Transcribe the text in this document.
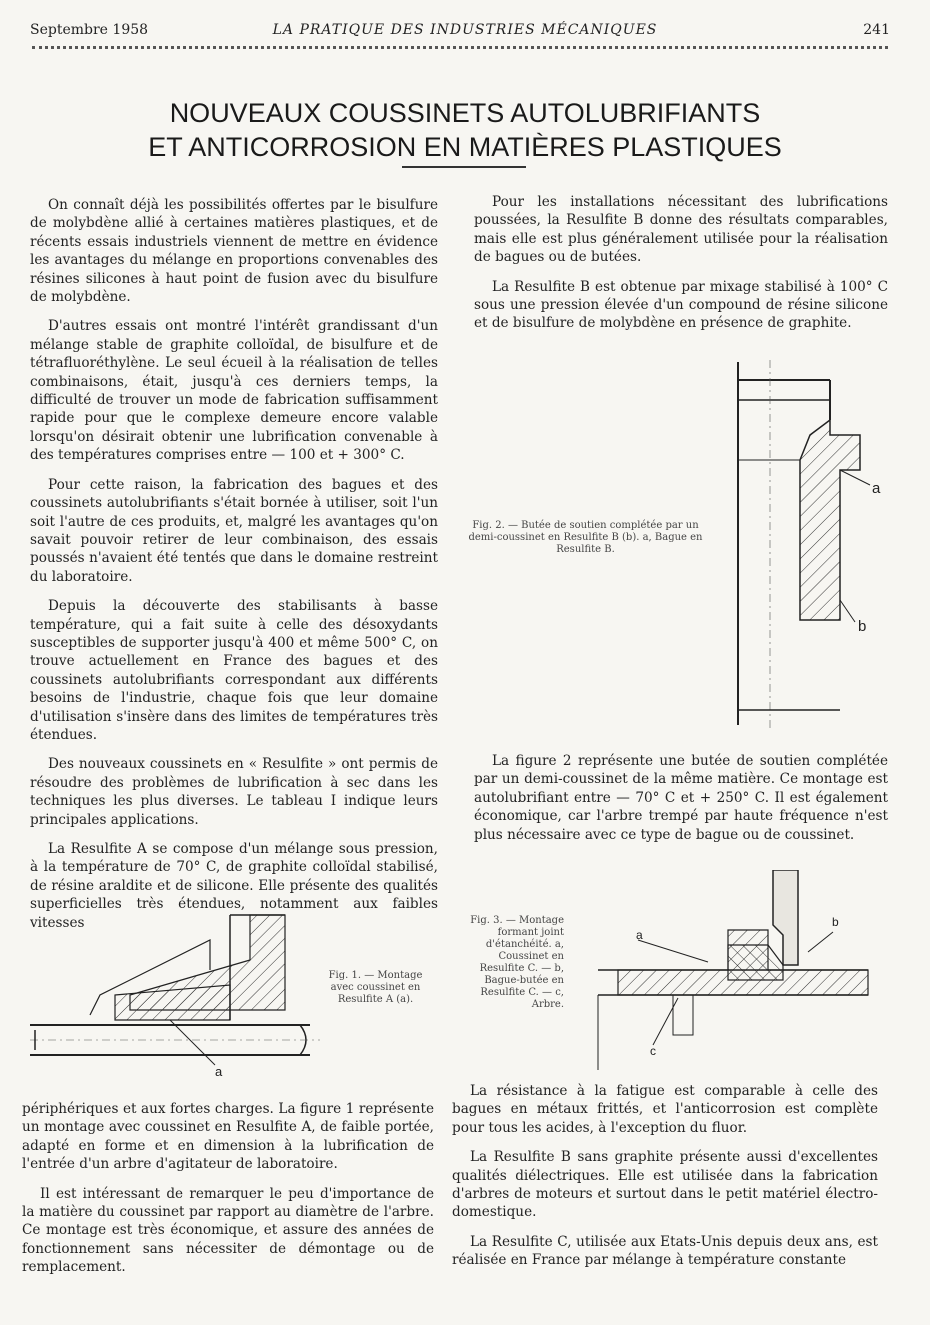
Septembre 1958	LA PRATIQUE DES INDUSTRIES MÉCANIQUES	241
NOUVEAUX COUSSINETS AUTOLUBRIFIANTS
ET ANTICORROSION EN MATIÈRES PLASTIQUES

On connaît déjà les possibilités offertes par le bisulfure de molybdène allié à certaines matières plastiques, et de récents essais industriels viennent de mettre en évidence les avantages du mélange en proportions convenables des résines silicones à haut point de fusion avec du bisulfure de molybdène.

D'autres essais ont montré l'intérêt grandissant d'un mélange stable de graphite colloïdal, de bisulfure et de tétrafluoréthylène. Le seul écueil à la réalisation de telles combinaisons, était, jusqu'à ces derniers temps, la difficulté de trouver un mode de fabrication suffisamment rapide pour que le complexe demeure encore valable lorsqu'on désirait obtenir une lubrification convenable à des températures comprises entre — 100 et + 300° C.

Pour cette raison, la fabrication des bagues et des coussinets autolubrifiants s'était bornée à utiliser, soit l'un soit l'autre de ces produits, et, malgré les avantages qu'on savait pouvoir retirer de leur combinaison, des essais poussés n'avaient été tentés que dans le domaine restreint du laboratoire.

Depuis la découverte des stabilisants à basse température, qui a fait suite à celle des désoxydants susceptibles de supporter jusqu'à 400 et même 500° C, on trouve actuellement en France des bagues et des coussinets autolubrifiants correspondant aux différents besoins de l'industrie, chaque fois que leur domaine d'utilisation s'insère dans des limites de températures très étendues.

Des nouveaux coussinets en « Resulfite » ont permis de résoudre des problèmes de lubrification à sec dans les techniques les plus diverses. Le tableau I indique leurs principales applications.

La Resulfite A se compose d'un mélange sous pression, à la température de 70° C, de graphite colloïdal stabilisé, de résine araldite et de silicone. Elle présente des qualités superficielles très étendues, notamment aux faibles vitesses

Pour les installations nécessitant des lubrifications poussées, la Resulfite B donne des résultats comparables, mais elle est plus généralement utilisée pour la réalisation de bagues ou de butées.

La Resulfite B est obtenue par mixage stabilisé à 100° C sous une pression élevée d'un compound de résine silicone et de bisulfure de molybdène en présence de graphite.

a
b
Fig. 2. — Butée de soutien complétée par un demi-coussinet en Resulfite B (b). a, Bague en Resulfite B.

La figure 2 représente une butée de soutien complétée par un demi-coussinet de la même matière. Ce montage est autolubrifiant entre — 70° C et + 250° C. Il est également économique, car l'arbre trempé par haute fréquence n'est plus nécessaire avec ce type de bague ou de coussinet.

a
Fig. 1. — Montage avec coussinet en Resulfite A (a).
Fig. 3. — Montage formant joint d'étanchéité. a, Coussinet en Resulfite C. — b, Bague-butée en Resulfite C. — c, Arbre.
a
b
c

périphériques et aux fortes charges. La figure 1 représente un montage avec coussinet en Resulfite A, de faible portée, adapté en forme et en dimension à la lubrification de l'entrée d'un arbre d'agitateur de laboratoire.

Il est intéressant de remarquer le peu d'importance de la matière du coussinet par rapport au diamètre de l'arbre. Ce montage est très économique, et assure des années de fonctionnement sans nécessiter de démontage ou de remplacement.

La résistance à la fatigue est comparable à celle des bagues en métaux frittés, et l'anticorrosion est complète pour tous les acides, à l'exception du fluor.

La Resulfite B sans graphite présente aussi d'excellentes qualités diélectriques. Elle est utilisée dans la fabrication d'arbres de moteurs et surtout dans le petit matériel électro-domestique.

La Resulfite C, utilisée aux Etats-Unis depuis deux ans, est réalisée en France par mélange à température constante
